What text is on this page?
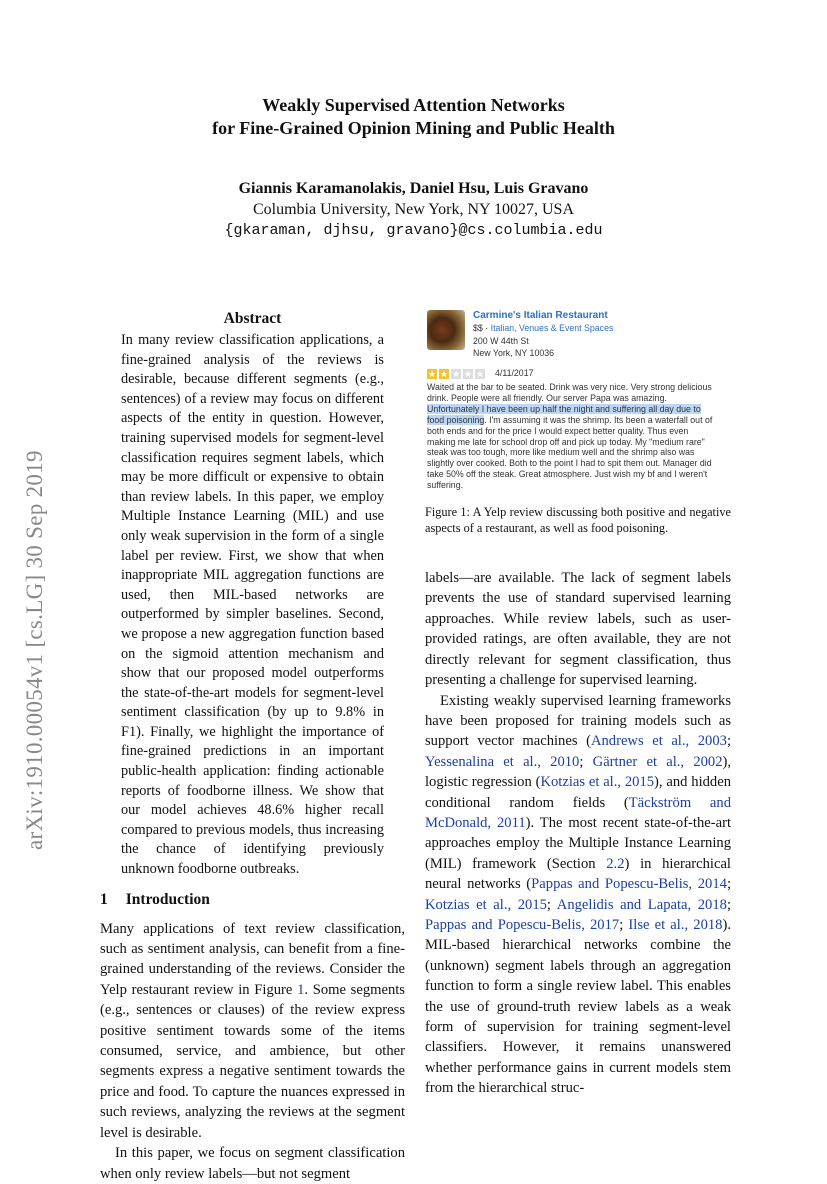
arXiv:1910.00054v1 [cs.LG] 30 Sep 2019
Weakly Supervised Attention Networks
for Fine-Grained Opinion Mining and Public Health
Giannis Karamanolakis, Daniel Hsu, Luis Gravano
Columbia University, New York, NY 10027, USA
{gkaraman, djhsu, gravano}@cs.columbia.edu
Abstract
In many review classification applications, a fine-grained analysis of the reviews is desirable, because different segments (e.g., sentences) of a review may focus on different aspects of the entity in question. However, training supervised models for segment-level classification requires segment labels, which may be more difficult or expensive to obtain than review labels. In this paper, we employ Multiple Instance Learning (MIL) and use only weak supervision in the form of a single label per review. First, we show that when inappropriate MIL aggregation functions are used, then MIL-based networks are outperformed by simpler baselines. Second, we propose a new aggregation function based on the sigmoid attention mechanism and show that our proposed model outperforms the state-of-the-art models for segment-level sentiment classification (by up to 9.8% in F1). Finally, we highlight the importance of fine-grained predictions in an important public-health application: finding actionable reports of foodborne illness. We show that our model achieves 48.6% higher recall compared to previous models, thus increasing the chance of identifying previously unknown foodborne outbreaks.
1 Introduction

Many applications of text review classification, such as sentiment analysis, can benefit from a fine-grained understanding of the reviews. Consider the Yelp restaurant review in Figure 1. Some segments (e.g., sentences or clauses) of the review express positive sentiment towards some of the items consumed, service, and ambience, but other segments express a negative sentiment towards the price and food. To capture the nuances expressed in such reviews, analyzing the reviews at the segment level is desirable.

In this paper, we focus on segment classification when only review labels—but not segment

Carmine's Italian Restaurant
$$ · Italian, Venues & Event Spaces
200 W 44th St
New York, NY 10036
★ ★ ★ ★ ★ 4/11/2017
Waited at the bar to be seated. Drink was very nice. Very strong delicious drink. People were all friendly. Our server Papa was amazing. Unfortunately I have been up half the night and suffering all day due to food poisoning. I'm assuming it was the shrimp. Its been a waterfall out of both ends and for the price I would expect better quality. Thus even making me late for school drop off and pick up today. My "medium rare" steak was too tough, more like medium well and the shrimp also was slightly over cooked. Both to the point I had to spit them out. Manager did take 50% off the steak. Great atmosphere. Just wish my bf and I weren't suffering.
Figure 1: A Yelp review discussing both positive and negative aspects of a restaurant, as well as food poisoning.

labels—are available. The lack of segment labels prevents the use of standard supervised learning approaches. While review labels, such as user-provided ratings, are often available, they are not directly relevant for segment classification, thus presenting a challenge for supervised learning.

Existing weakly supervised learning frameworks have been proposed for training models such as support vector machines (Andrews et al., 2003; Yessenalina et al., 2010; Gärtner et al., 2002), logistic regression (Kotzias et al., 2015), and hidden conditional random fields (Täckström and McDonald, 2011). The most recent state-of-the-art approaches employ the Multiple Instance Learning (MIL) framework (Section 2.2) in hierarchical neural networks (Pappas and Popescu-Belis, 2014; Kotzias et al., 2015; Angelidis and Lapata, 2018; Pappas and Popescu-Belis, 2017; Ilse et al., 2018). MIL-based hierarchical networks combine the (unknown) segment labels through an aggregation function to form a single review label. This enables the use of ground-truth review labels as a weak form of supervision for training segment-level classifiers. However, it remains unanswered whether performance gains in current models stem from the hierarchical struc-
